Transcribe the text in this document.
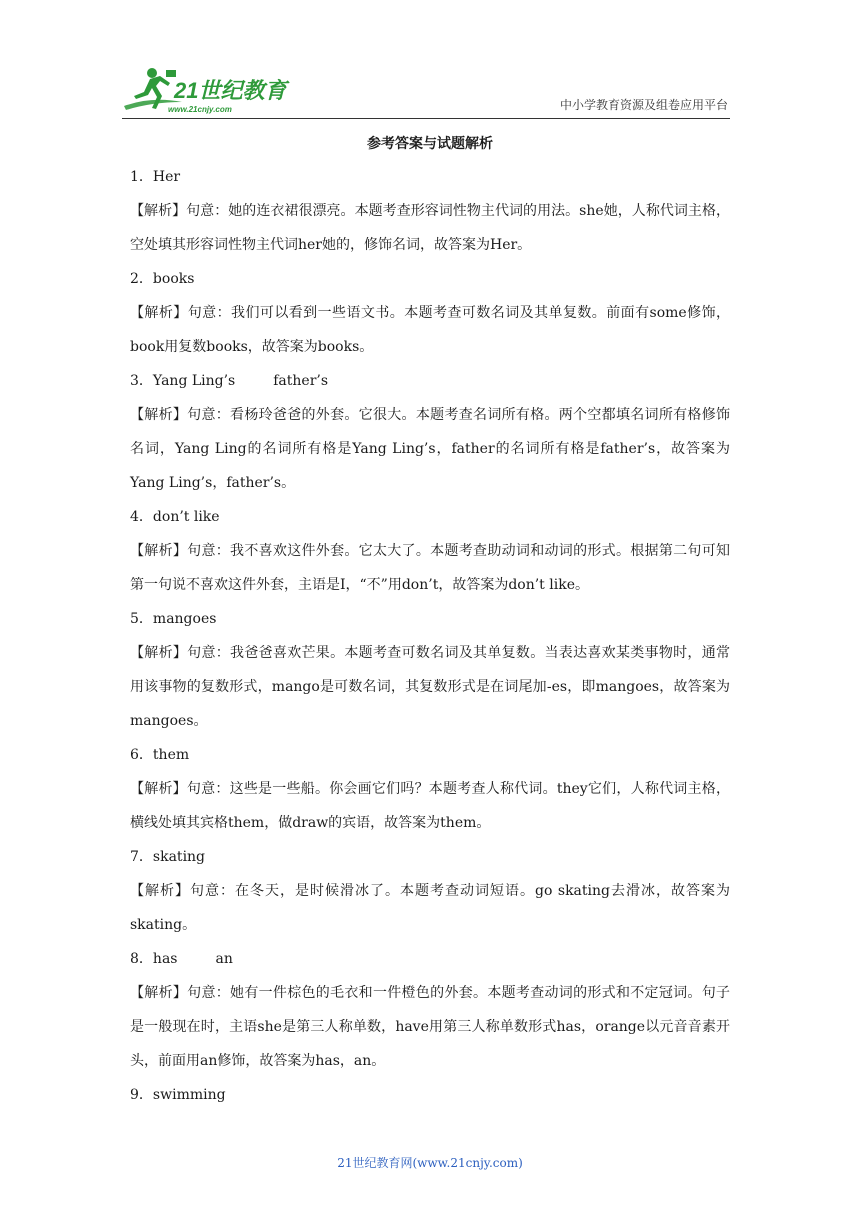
21世纪教育
www.21cnjy.com	中小学教育资源及组卷应用平台
参考答案与试题解析
1．Her
【解析】句意：她的连衣裙很漂亮。本题考查形容词性物主代词的用法。she她，人称代词主格，空处填其形容词性物主代词her她的，修饰名词，故答案为Her。
2．books
【解析】句意：我们可以看到一些语文书。本题考查可数名词及其单复数。前面有some修饰，book用复数books，故答案为books。
3．Yang Ling’s	father’s
【解析】句意：看杨玲爸爸的外套。它很大。本题考查名词所有格。两个空都填名词所有格修饰名词，Yang Ling的名词所有格是Yang Ling’s，father的名词所有格是father’s，故答案为Yang Ling’s，father’s。
4．don’t like
【解析】句意：我不喜欢这件外套。它太大了。本题考查助动词和动词的形式。根据第二句可知第一句说不喜欢这件外套，主语是I，“不”用don’t，故答案为don’t like。
5．mangoes
【解析】句意：我爸爸喜欢芒果。本题考查可数名词及其单复数。当表达喜欢某类事物时，通常用该事物的复数形式，mango是可数名词，其复数形式是在词尾加-es，即mangoes，故答案为mangoes。
6．them
【解析】句意：这些是一些船。你会画它们吗？本题考查人称代词。they它们，人称代词主格，横线处填其宾格them，做draw的宾语，故答案为them。
7．skating
【解析】句意：在冬天，是时候滑冰了。本题考查动词短语。go skating去滑冰，故答案为skating。
8．has	an
【解析】句意：她有一件棕色的毛衣和一件橙色的外套。本题考查动词的形式和不定冠词。句子是一般现在时，主语she是第三人称单数，have用第三人称单数形式has，orange以元音音素开头，前面用an修饰，故答案为has，an。
9．swimming
21世纪教育网(www.21cnjy.com)
